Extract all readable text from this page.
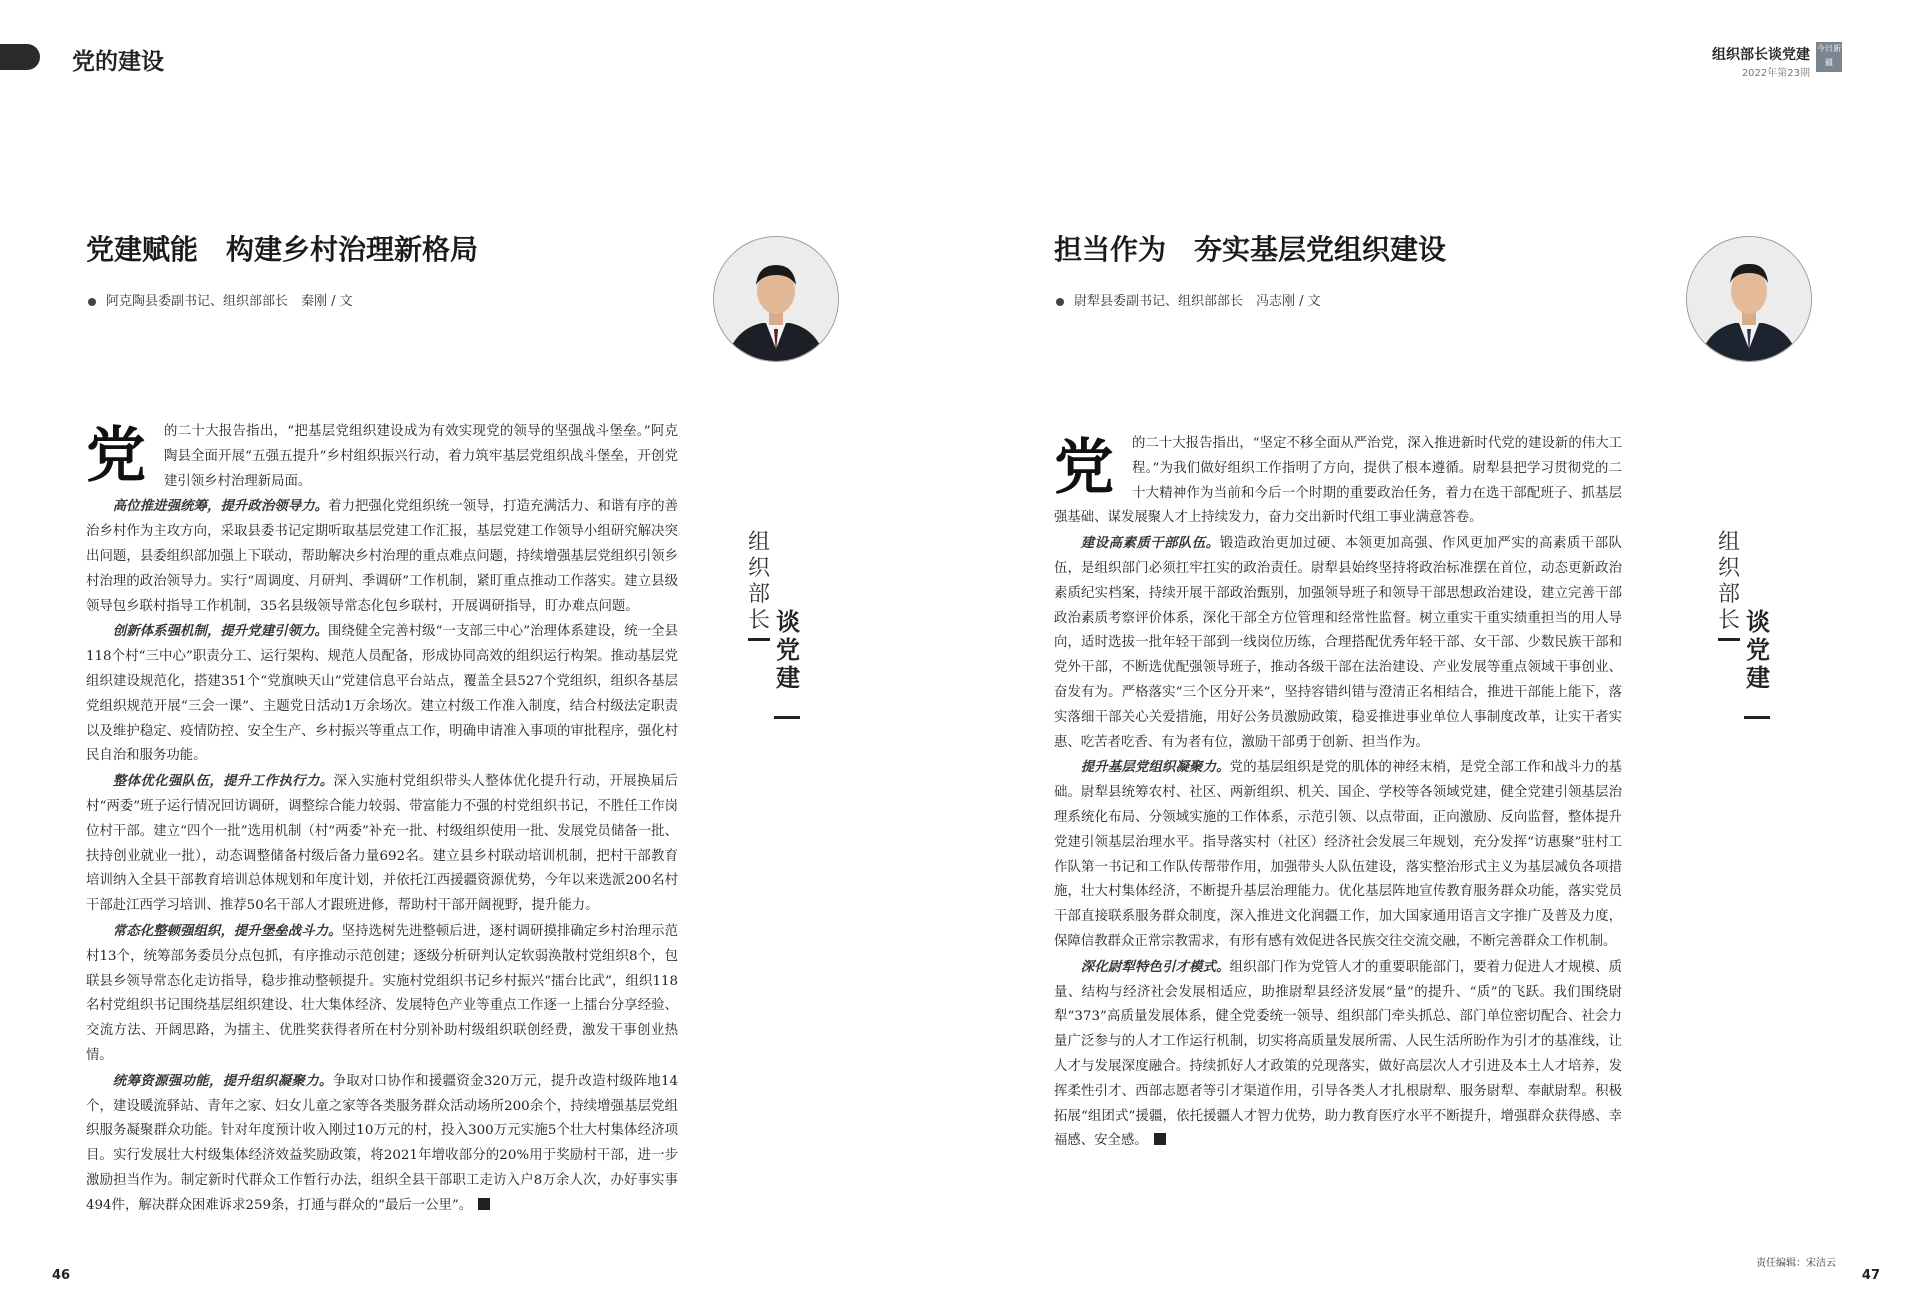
党的建设	组织部长谈党建
2022年第23期
今日新疆
党建赋能　构建乡村治理新格局
阿克陶县委副书记、组织部部长　秦刚 / 文
组织部长 谈党建
党	的二十大报告指出，“把基层党组织建设成为有效实现党的领导的坚强战斗堡垒。”阿克陶县全面开展“五强五提升”乡村组织振兴行动，着力筑牢基层党组织战斗堡垒，开创党建引领乡村治理新局面。

高位推进强统筹，提升政治领导力。着力把强化党组织统一领导，打造充满活力、和谐有序的善治乡村作为主攻方向，采取县委书记定期听取基层党建工作汇报，基层党建工作领导小组研究解决突出问题，县委组织部加强上下联动，帮助解决乡村治理的重点难点问题，持续增强基层党组织引领乡村治理的政治领导力。实行“周调度、月研判、季调研”工作机制，紧盯重点推动工作落实。建立县级领导包乡联村指导工作机制，35名县级领导常态化包乡联村，开展调研指导，盯办难点问题。

创新体系强机制，提升党建引领力。围绕健全完善村级“一支部三中心”治理体系建设，统一全县118个村“三中心”职责分工、运行架构、规范人员配备，形成协同高效的组织运行构架。推动基层党组织建设规范化，搭建351个“党旗映天山”党建信息平台站点，覆盖全县527个党组织，组织各基层党组织规范开展“三会一课”、主题党日活动1万余场次。建立村级工作准入制度，结合村级法定职责以及维护稳定、疫情防控、安全生产、乡村振兴等重点工作，明确申请准入事项的审批程序，强化村民自治和服务功能。

整体优化强队伍，提升工作执行力。深入实施村党组织带头人整体优化提升行动，开展换届后村“两委”班子运行情况回访调研，调整综合能力较弱、带富能力不强的村党组织书记，不胜任工作岗位村干部。建立“四个一批”选用机制（村“两委”补充一批、村级组织使用一批、发展党员储备一批、扶持创业就业一批），动态调整储备村级后备力量692名。建立县乡村联动培训机制，把村干部教育培训纳入全县干部教育培训总体规划和年度计划，并依托江西援疆资源优势，今年以来选派200名村干部赴江西学习培训、推荐50名干部人才跟班进修，帮助村干部开阔视野，提升能力。

常态化整顿强组织，提升堡垒战斗力。坚持选树先进整顿后进，逐村调研摸排确定乡村治理示范村13个，统筹部务委员分点包抓，有序推动示范创建；逐级分析研判认定软弱涣散村党组织8个，包联县乡领导常态化走访指导，稳步推动整顿提升。实施村党组织书记乡村振兴“擂台比武”，组织118名村党组织书记围绕基层组织建设、壮大集体经济、发展特色产业等重点工作逐一上擂台分享经验、交流方法、开阔思路，为擂主、优胜奖获得者所在村分别补助村级组织联创经费，激发干事创业热情。

统筹资源强功能，提升组织凝聚力。争取对口协作和援疆资金320万元，提升改造村级阵地14个，建设暖流驿站、青年之家、妇女儿童之家等各类服务群众活动场所200余个，持续增强基层党组织服务凝聚群众功能。针对年度预计收入刚过10万元的村，投入300万元实施5个壮大村集体经济项目。实行发展壮大村级集体经济效益奖励政策，将2021年增收部分的20%用于奖励村干部，进一步激励担当作为。制定新时代群众工作暂行办法，组织全县干部职工走访入户8万余人次，办好事实事494件，解决群众困难诉求259条，打通与群众的“最后一公里”。

担当作为　夯实基层党组织建设
尉犁县委副书记、组织部部长　冯志刚 / 文
组织部长 谈党建
党	的二十大报告指出，“坚定不移全面从严治党，深入推进新时代党的建设新的伟大工程。”为我们做好组织工作指明了方向，提供了根本遵循。尉犁县把学习贯彻党的二十大精神作为当前和今后一个时期的重要政治任务，着力在选干部配班子、抓基层强基础、谋发展聚人才上持续发力，奋力交出新时代组工事业满意答卷。

建设高素质干部队伍。锻造政治更加过硬、本领更加高强、作风更加严实的高素质干部队伍，是组织部门必须扛牢扛实的政治责任。尉犁县始终坚持将政治标准摆在首位，动态更新政治素质纪实档案，持续开展干部政治甄别，加强领导班子和领导干部思想政治建设，建立完善干部政治素质考察评价体系，深化干部全方位管理和经常性监督。树立重实干重实绩重担当的用人导向，适时选拔一批年轻干部到一线岗位历练，合理搭配优秀年轻干部、女干部、少数民族干部和党外干部，不断选优配强领导班子，推动各级干部在法治建设、产业发展等重点领域干事创业、奋发有为。严格落实“三个区分开来”，坚持容错纠错与澄清正名相结合，推进干部能上能下，落实落细干部关心关爱措施，用好公务员激励政策，稳妥推进事业单位人事制度改革，让实干者实惠、吃苦者吃香、有为者有位，激励干部勇于创新、担当作为。

提升基层党组织凝聚力。党的基层组织是党的肌体的神经末梢，是党全部工作和战斗力的基础。尉犁县统筹农村、社区、两新组织、机关、国企、学校等各领域党建，健全党建引领基层治理系统化布局、分领域实施的工作体系，示范引领、以点带面，正向激励、反向监督，整体提升党建引领基层治理水平。指导落实村（社区）经济社会发展三年规划，充分发挥“访惠聚”驻村工作队第一书记和工作队传帮带作用，加强带头人队伍建设，落实整治形式主义为基层减负各项措施，壮大村集体经济，不断提升基层治理能力。优化基层阵地宣传教育服务群众功能，落实党员干部直接联系服务群众制度，深入推进文化润疆工作，加大国家通用语言文字推广及普及力度，保障信教群众正常宗教需求，有形有感有效促进各民族交往交流交融，不断完善群众工作机制。

深化尉犁特色引才模式。组织部门作为党管人才的重要职能部门，要着力促进人才规模、质量、结构与经济社会发展相适应，助推尉犁县经济发展“量”的提升、“质”的飞跃。我们围绕尉犁“373”高质量发展体系，健全党委统一领导、组织部门牵头抓总、部门单位密切配合、社会力量广泛参与的人才工作运行机制，切实将高质量发展所需、人民生活所盼作为引才的基准线，让人才与发展深度融合。持续抓好人才政策的兑现落实，做好高层次人才引进及本土人才培养，发挥柔性引才、西部志愿者等引才渠道作用，引导各类人才扎根尉犁、服务尉犁、奉献尉犁。积极拓展“组团式”援疆，依托援疆人才智力优势，助力教育医疗水平不断提升，增强群众获得感、幸福感、安全感。

46
责任编辑：宋洁云
47
